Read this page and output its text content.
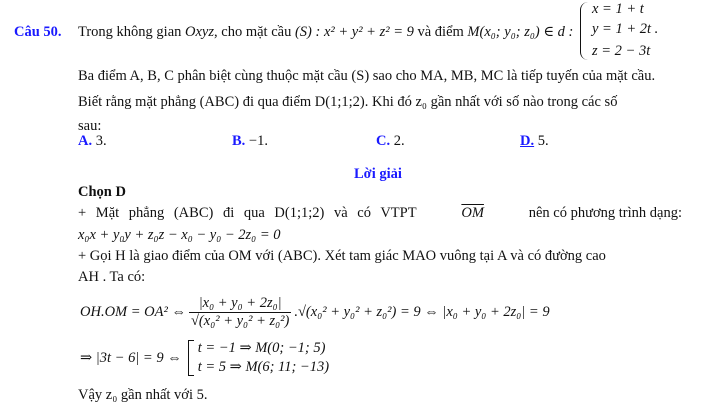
Câu 50. Trong không gian Oxyz, cho mặt cầu (S) : x² + y² + z² = 9 và điểm M(x₀; y₀; z₀) ∈ d :
x = 1 + t
y = 1 + 2t .
z = 2 − 3t
Ba điểm A, B, C phân biệt cùng thuộc mặt cầu (S) sao cho MA, MB, MC là tiếp tuyến của mặt cầu.
Biết rằng mặt phẳng (ABC) đi qua điểm D(1;1;2). Khi đó z₀ gần nhất với số nào trong các số
sau:
A. 3.	B. −1.	C. 2.	D. 5.
Lời giải
Chọn D
+ Mặt phẳng (ABC) đi qua D(1;1;2) và có VTPT	$\overline{OM}$	nên có phương trình dạng:
x₀x + y₀y + z₀z − x₀ − y₀ − 2z₀ = 0
+ Gọi H là giao điểm của OM với (ABC). Xét tam giác MAO vuông tại A và có đường cao
AH . Ta có:
OH.OM = OA² ⇔ $\frac{\text{|x₀ + y₀ + 2z₀|}}{\text{√(x₀² + y₀² + z₀²)}} .√(x_0^2 + y_0^2 + z_0^2) = 9$ ⇔ |x₀ + y₀ + 2z₀| = 9
⇒ |3t − 6| = 9 ⇔
t = −1 ⇒ M(0; −1; 5)
t = 5 ⇒ M(6; 11; −13)
Vậy z₀ gần nhất với 5.
